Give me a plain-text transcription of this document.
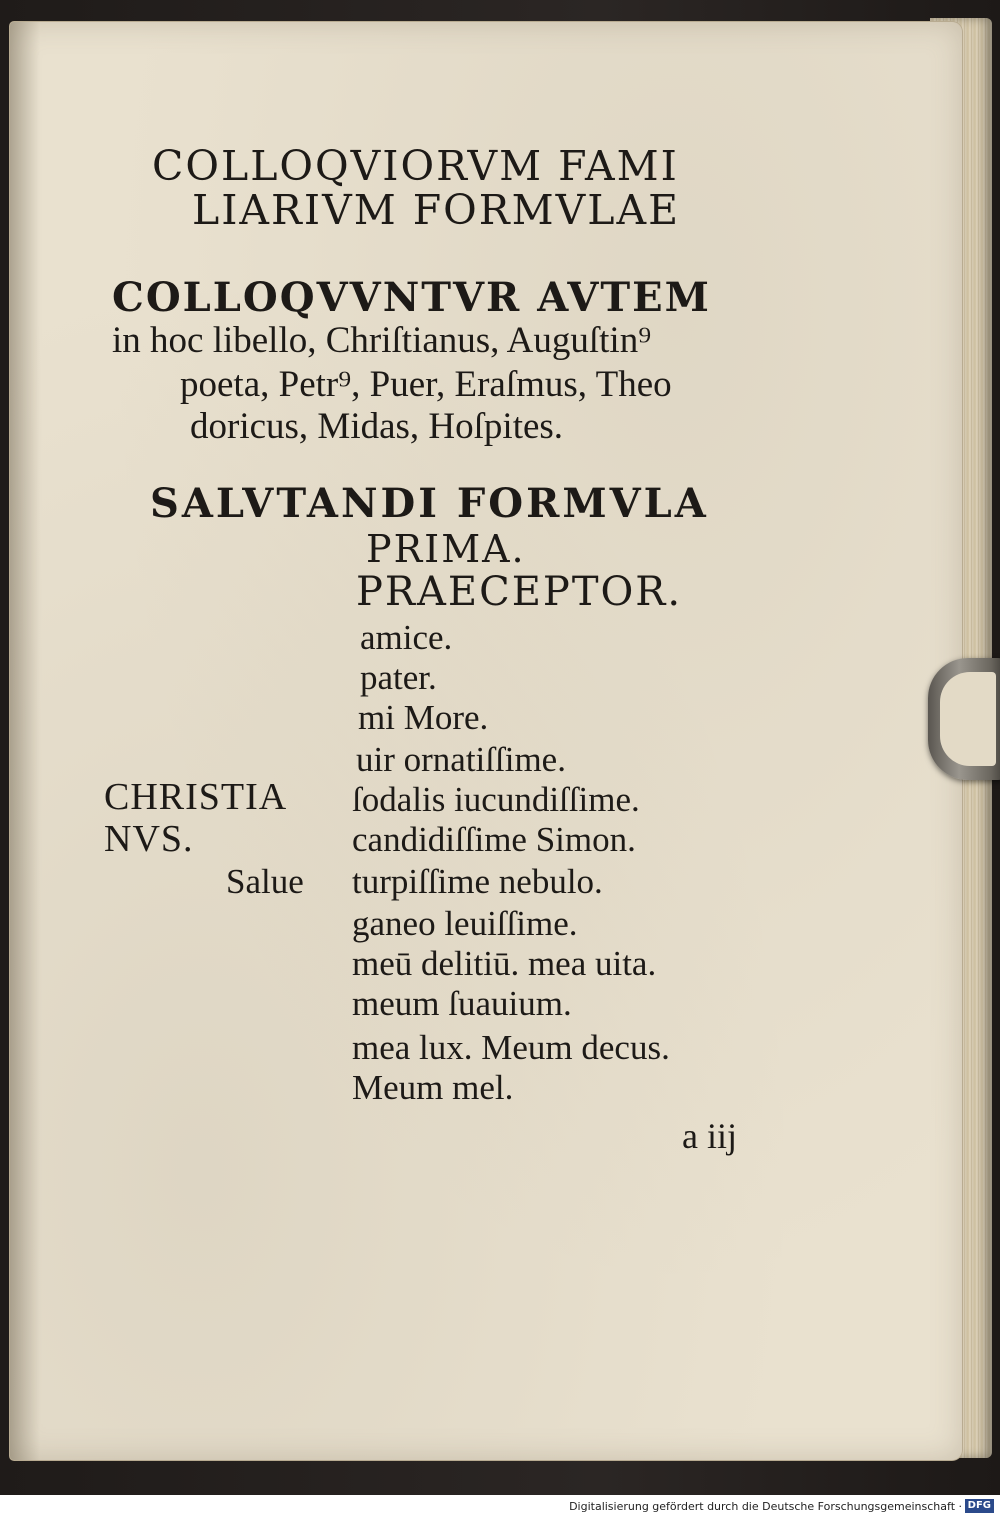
COLLOQVIORVM FAMI
LIARIVM FORMVLAE
COLLOQVVNTVR AVTEM
in hoc libello, Chriſtianus, Auguſtin⁹
poeta, Petr⁹, Puer, Eraſmus, Theo
doricus, Midas, Hoſpites.
SALVTANDI FORMVLA
PRIMA.
PRAECEPTOR.
amice.
pater.
mi More.
uir ornatiſſime.
ſodalis iucundiſſime.
candidiſſime Simon.
turpiſſime nebulo.
ganeo leuiſſime.
meū delitiū. mea uita.
meum ſuauium.
mea lux. Meum decus.
Meum mel.
CHRISTIA
NVS.
Salue
a iij
Digitalisierung gefördert durch die Deutsche Forschungsgemeinschaft · DFG
